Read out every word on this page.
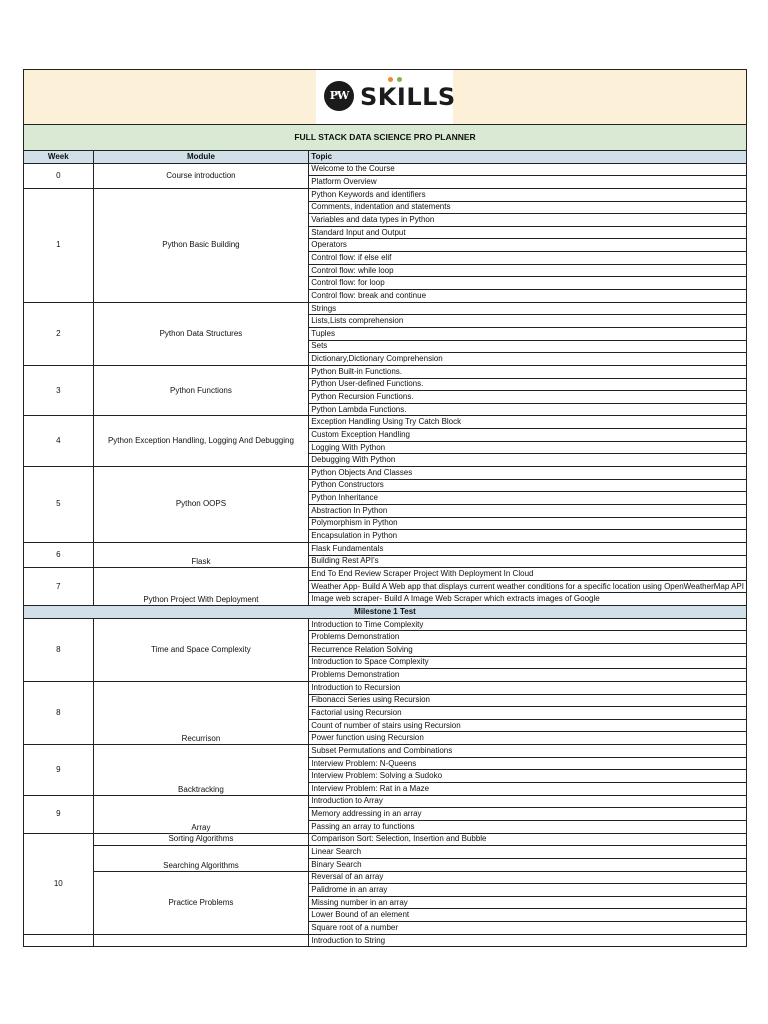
PW SKILLS
FULL STACK DATA SCIENCE PRO PLANNER
Week	Module	Topic
0	Course introduction	Welcome to the Course
		Platform Overview
1	Python Basic Building	Python Keywords and identifiers
		Comments, indentation and statements
		Variables and data types in Python
		Standard Input and Output
		Operators
		Control flow: if else elif
		Control flow: while loop
		Control flow: for loop
		Control flow: break and continue
2	Python Data Structures	Strings
		Lists,Lists comprehension
		Tuples
		Sets
		Dictionary,Dictionary Comprehension
3	Python Functions	Python Built-in Functions.
		Python User-defined Functions.
		Python Recursion Functions.
		Python Lambda Functions.
4	Python Exception Handling, Logging And Debugging	Exception Handling Using Try Catch Block
		Custom Exception Handling
		Logging With Python
		Debugging With Python
5	Python OOPS	Python Objects And Classes
		Python Constructors
		Python Inheritance
		Abstraction In Python
		Polymorphism in Python
		Encapsulation in Python
6	Flask	Flask Fundamentals
		Building Rest API's
7	Python Project With Deployment	End To End Review Scraper Project With Deployment In Cloud
		Weather App- Build A Web app that displays current weather conditions for a specific location using OpenWeatherMap API
		Image web scraper- Build A Image Web Scraper which extracts images of Google
Milestone 1 Test		
8	Time and Space Complexity	Introduction to Time Complexity
		Problems Demonstration
		Recurrence Relation Solving
		Introduction to Space Complexity
		Problems Demonstration
8	Recurrison	Introduction to Recursion
		Fibonacci Series using Recursion
		Factorial using Recursion
		Count of number of stairs using Recursion
		Power function using Recursion
9	Backtracking	Subset Permutations and Combinations
		Interview Problem: N-Queens
		Interview Problem: Solving a Sudoko
		Interview Problem: Rat in a Maze
9	Array	Introduction to Array
		Memory addressing in an array
		Passing an array to functions
10	Sorting Algorithms	Comparison Sort: Selection, Insertion and Bubble
	Searching Algorithms	Linear Search
		Binary Search
	Practice Problems	Reversal of an array
		Palidrome in an array
		Missing number in an array
		Lower Bound of an element
		Square root of a number
		Introduction to String
